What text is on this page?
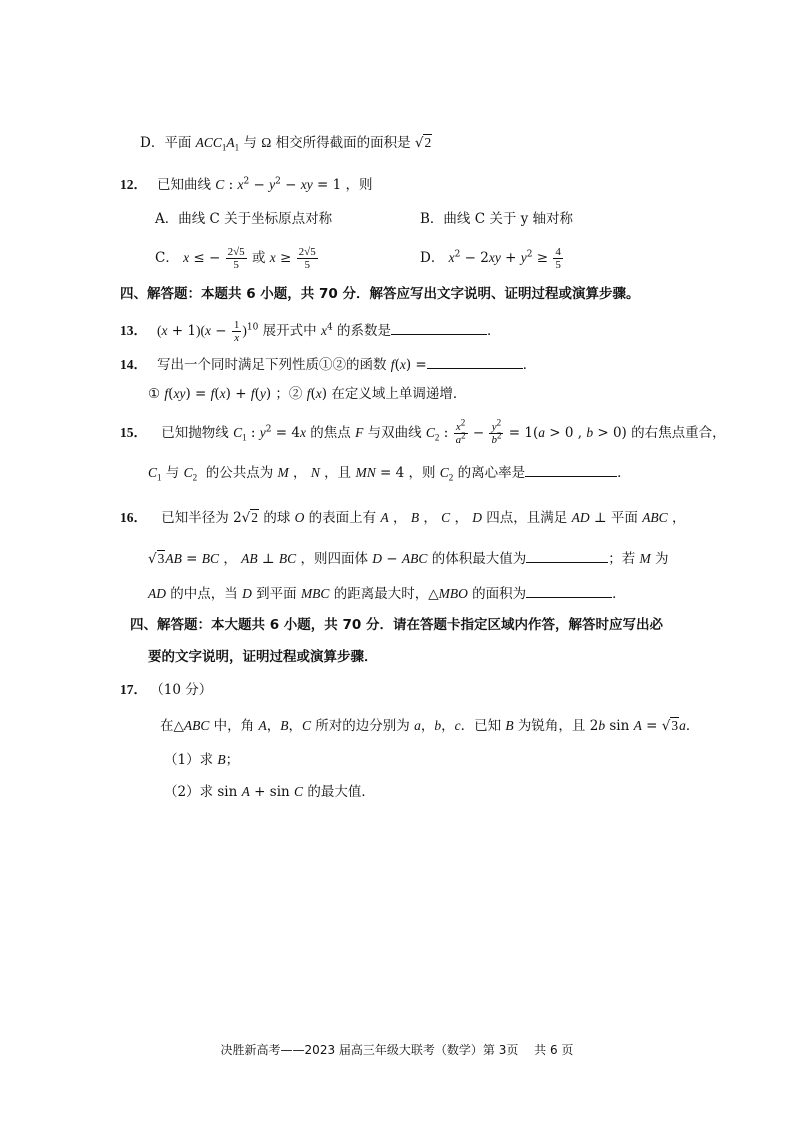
D．平面 $ACC_1A_1$ 与 Ω 相交所得截面的面积是 √2
12． 已知曲线 C : $x^2 - y^2$ − xy = 1 ，则
A．曲线 C 关于坐标原点对称	B．曲线 C 关于 y 轴对称
C． x ≤ − $\frac{2√5}{5}$ 或 $x \ge \frac{2√5}{5}$	D． $x^2 - 2xy + y^2 \ge \frac{4}{5}$
四、解答题：本题共 6 小题，共 70 分．解答应写出文字说明、证明过程或演算步骤。
13． $(x + 1)(x - \frac{1}{x} )^{10}$ 展开式中 $x^4$ 的系数是	．
14． 写出一个同时满足下列性质①②的函数 f(x) =	．
① f(xy) = f(x) + f(y) ；② f(x) 在定义域上单调递增．
15． 已知抛物线 $C_1$ : $y^2 = 4x$ 的焦点 F 与双曲线 $C_2$ : $\frac{x^2}{a^2} - \frac{y^2}{b^2} = 1(a > 0$ , b > 0) 的右焦点重合，
$C_1$ 与 $C_2$  的公共点为 M ， N ，且 MN = 4 ，则 $C_2$ 的离心率是	．
16． 已知半径为 2√2 的球 O 的表面上有 A ， B ， C ， D 四点，且满足 AD ⊥ 平面 ABC ，
√3AB = BC ， AB ⊥ BC ，则四面体 D − ABC 的体积最大值为	；若 M 为
AD 的中点，当 D 到平面 MBC 的距离最大时，△MBO 的面积为	．
四、解答题：本大题共 6 小题，共 70 分．请在答题卡指定区域内作答，解答时应写出必
要的文字说明，证明过程或演算步骤．
17． （10 分）
在△ABC 中，角 A，B，C 所对的边分别为 a，b，c．已知 B 为锐角，且 2b sin A = √3a．
（1）求 B；
（2）求 sin A + sin C 的最大值．
决胜新高考——2023 届高三年级大联考（数学）第 3页　 共 6 页
